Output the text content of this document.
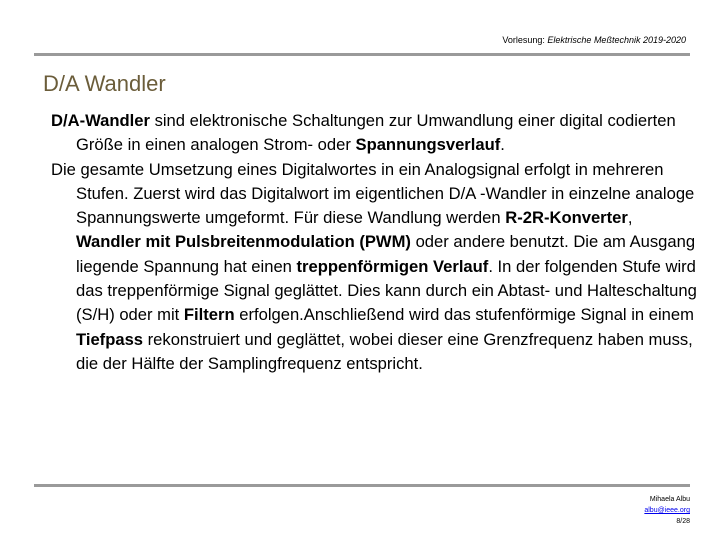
Vorlesung: Elektrische Meßtechnik 2019-2020
D/A Wandler

D/A-Wandler sind elektronische Schaltungen zur Umwandlung einer digital codierten Größe in einen analogen Strom- oder Spannungsverlauf.

Die gesamte Umsetzung eines Digitalwortes in ein Analogsignal erfolgt in mehreren Stufen. Zuerst wird das Digitalwort im eigentlichen D/A -Wandler in einzelne analoge Spannungswerte umgeformt. Für diese Wandlung werden R-2R-Konverter, Wandler mit Pulsbreitenmodulation (PWM) oder andere benutzt. Die am Ausgang liegende Spannung hat einen treppenförmigen Verlauf. In der folgenden Stufe wird das treppenförmige Signal geglättet. Dies kann durch ein Abtast- und Halteschaltung (S/H) oder mit Filtern erfolgen.Anschließend wird das stufenförmige Signal in einem Tiefpass rekonstruiert und geglättet, wobei dieser eine Grenzfrequenz haben muss, die der Hälfte der Samplingfrequenz entspricht.

Mihaela Albu
albu@ieee.org
8/28
